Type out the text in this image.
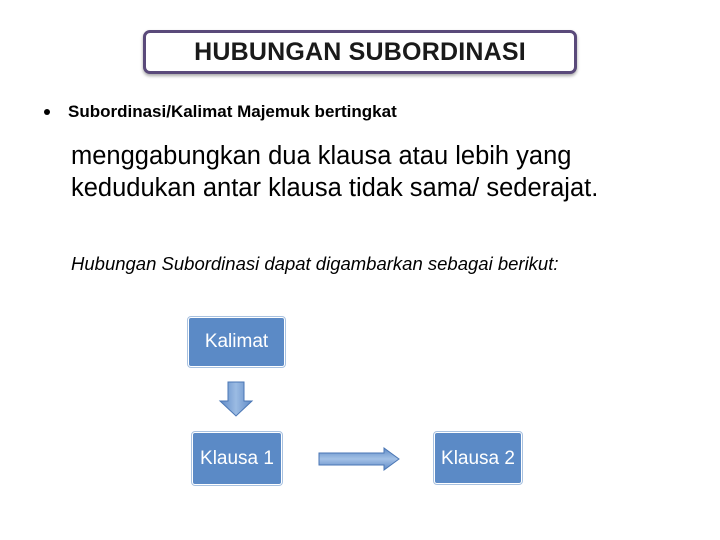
HUBUNGAN SUBORDINASI
Subordinasi/Kalimat Majemuk bertingkat
menggabungkan dua klausa atau lebih yang
kedudukan antar klausa tidak sama/ sederajat.
Hubungan Subordinasi dapat digambarkan sebagai berikut:
Kalimat
Klausa 1	Klausa 2
